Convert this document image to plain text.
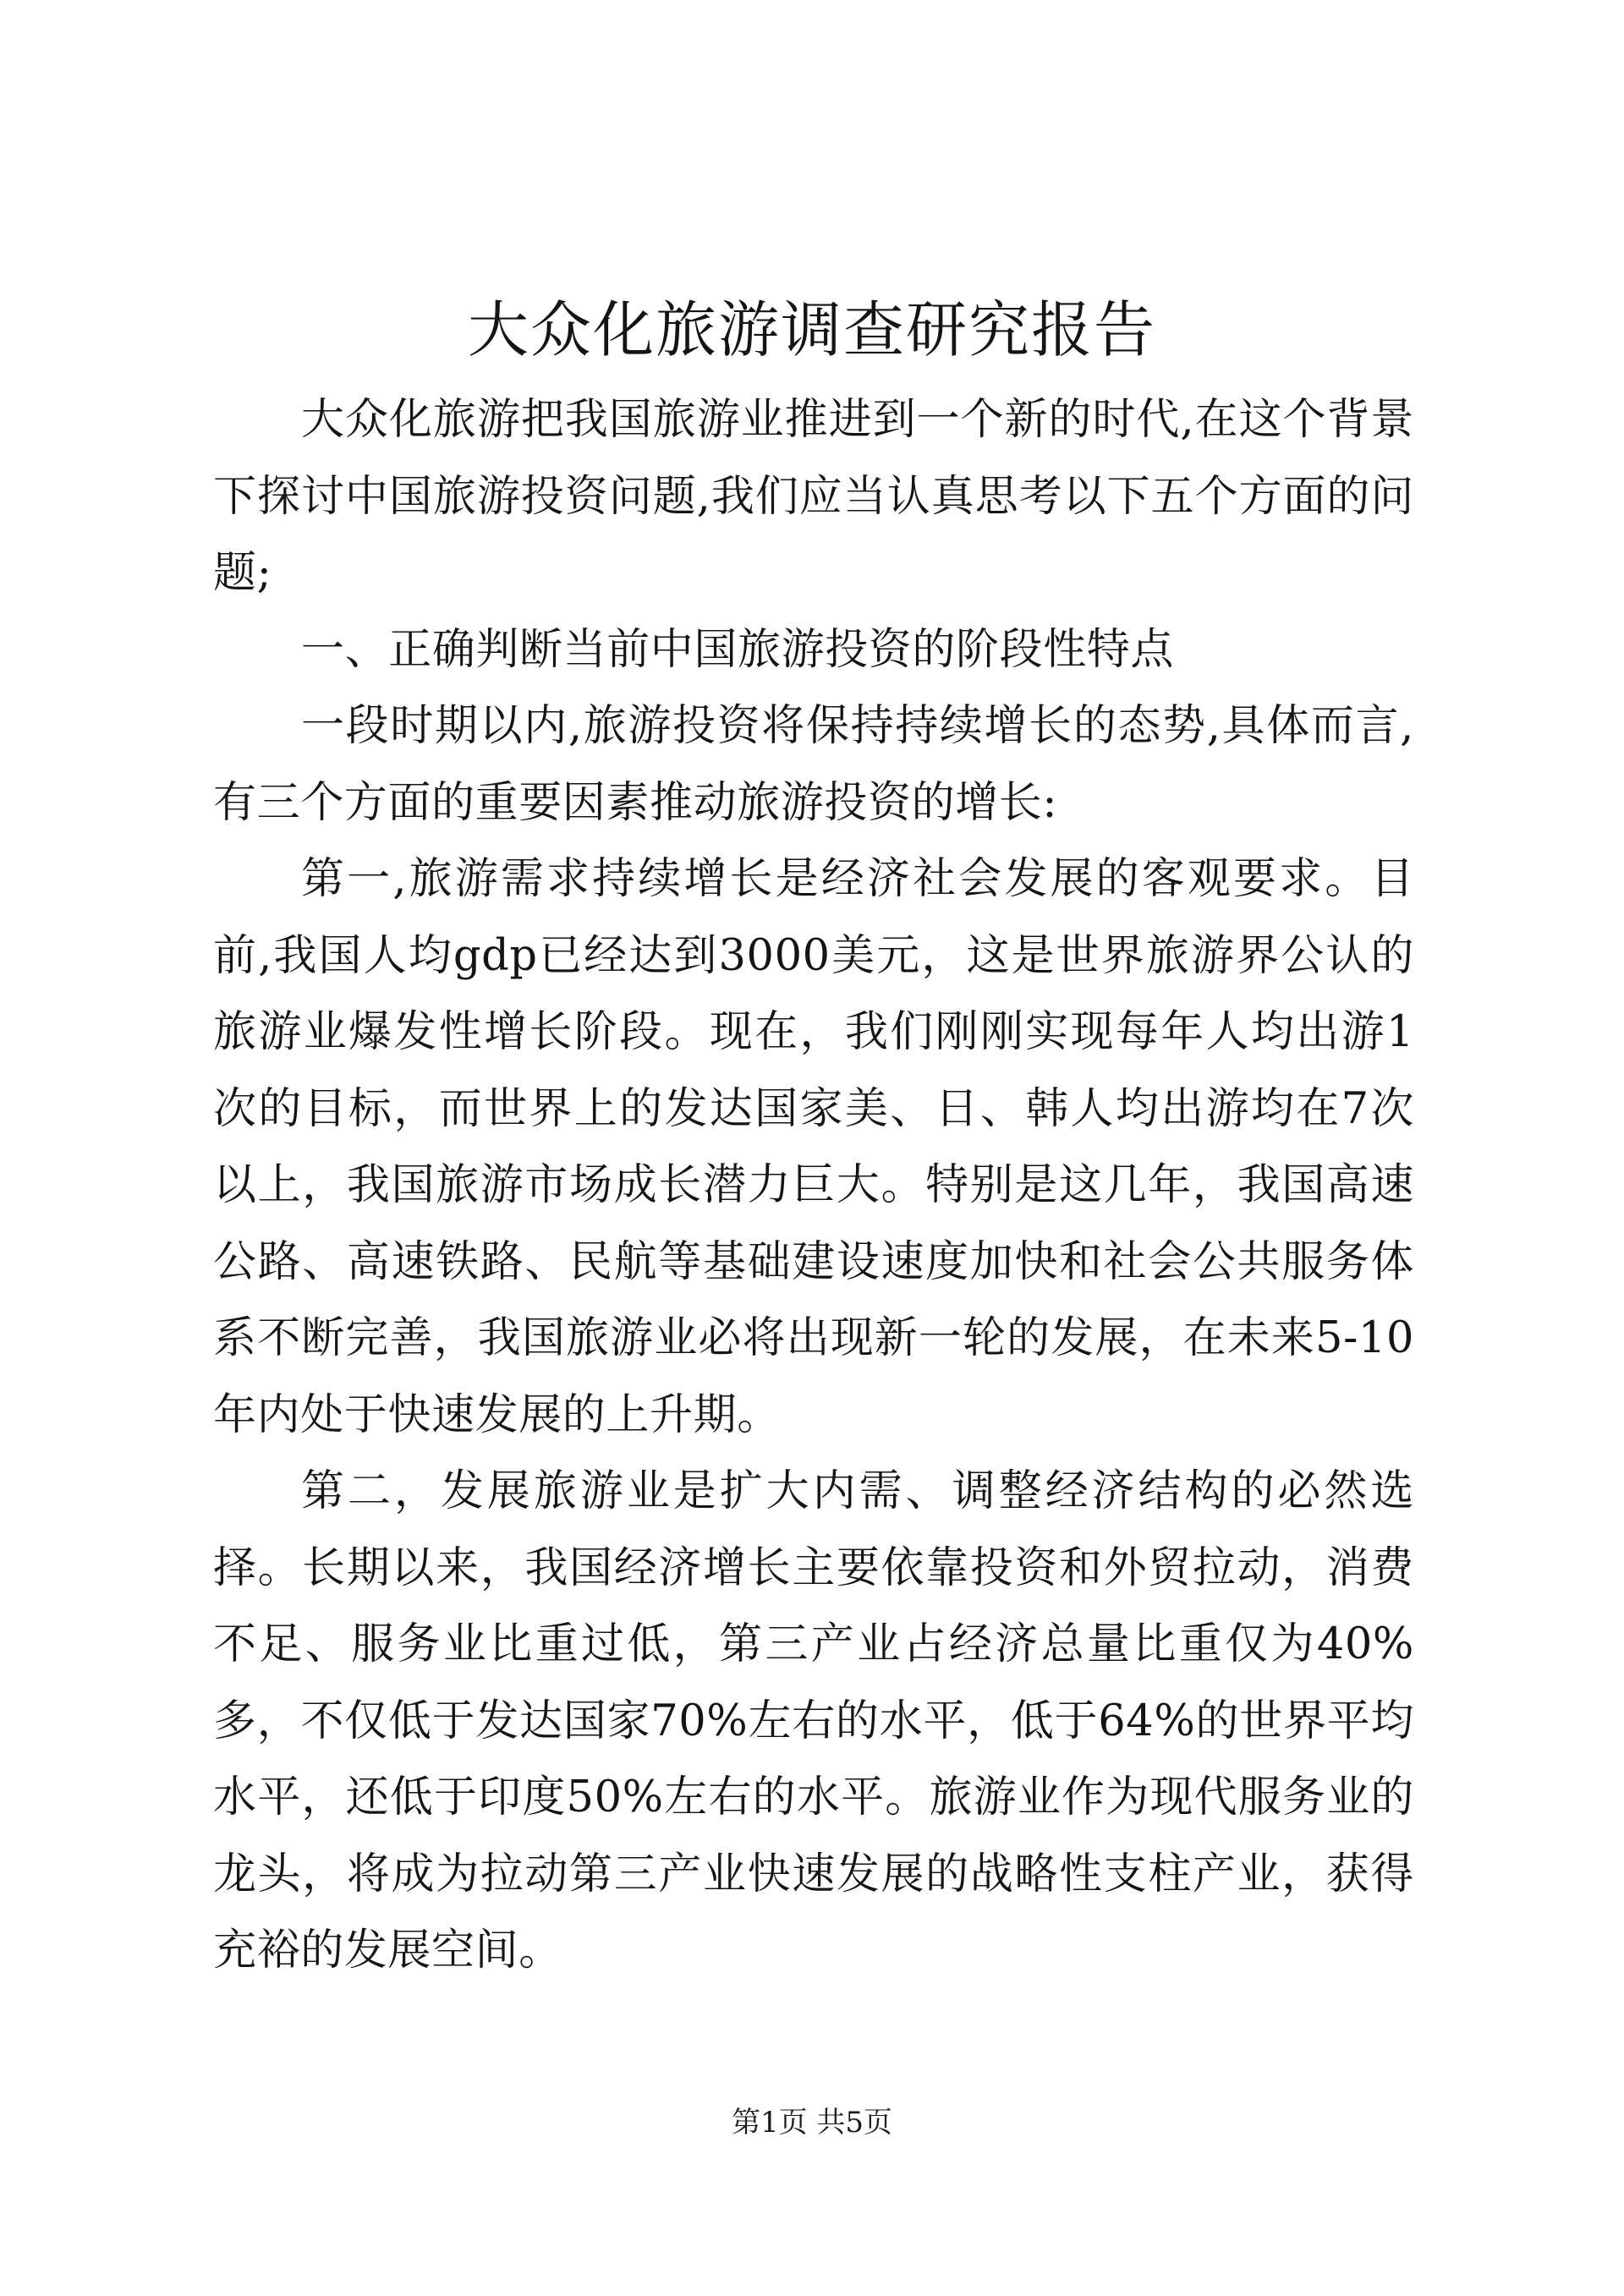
大众化旅游调查研究报告

大众化旅游把我国旅游业推进到一个新的时代,在这个背景下探讨中国旅游投资问题,我们应当认真思考以下五个方面的问题;

一、正确判断当前中国旅游投资的阶段性特点

一段时期以内,旅游投资将保持持续增长的态势,具体而言,有三个方面的重要因素推动旅游投资的增长:

第一,旅游需求持续增长是经济社会发展的客观要求。目前,我国人均gdp已经达到3000美元，这是世界旅游界公认的旅游业爆发性增长阶段。现在，我们刚刚实现每年人均出游1次的目标，而世界上的发达国家美、日、韩人均出游均在7次以上，我国旅游市场成长潜力巨大。特别是这几年，我国高速公路、高速铁路、民航等基础建设速度加快和社会公共服务体系不断完善，我国旅游业必将出现新一轮的发展，在未来5-10年内处于快速发展的上升期。

第二，发展旅游业是扩大内需、调整经济结构的必然选择。长期以来，我国经济增长主要依靠投资和外贸拉动，消费不足、服务业比重过低，第三产业占经济总量比重仅为40%多，不仅低于发达国家70%左右的水平，低于64%的世界平均水平，还低于印度50%左右的水平。旅游业作为现代服务业的龙头，将成为拉动第三产业快速发展的战略性支柱产业，获得充裕的发展空间。

第1页 共5页
